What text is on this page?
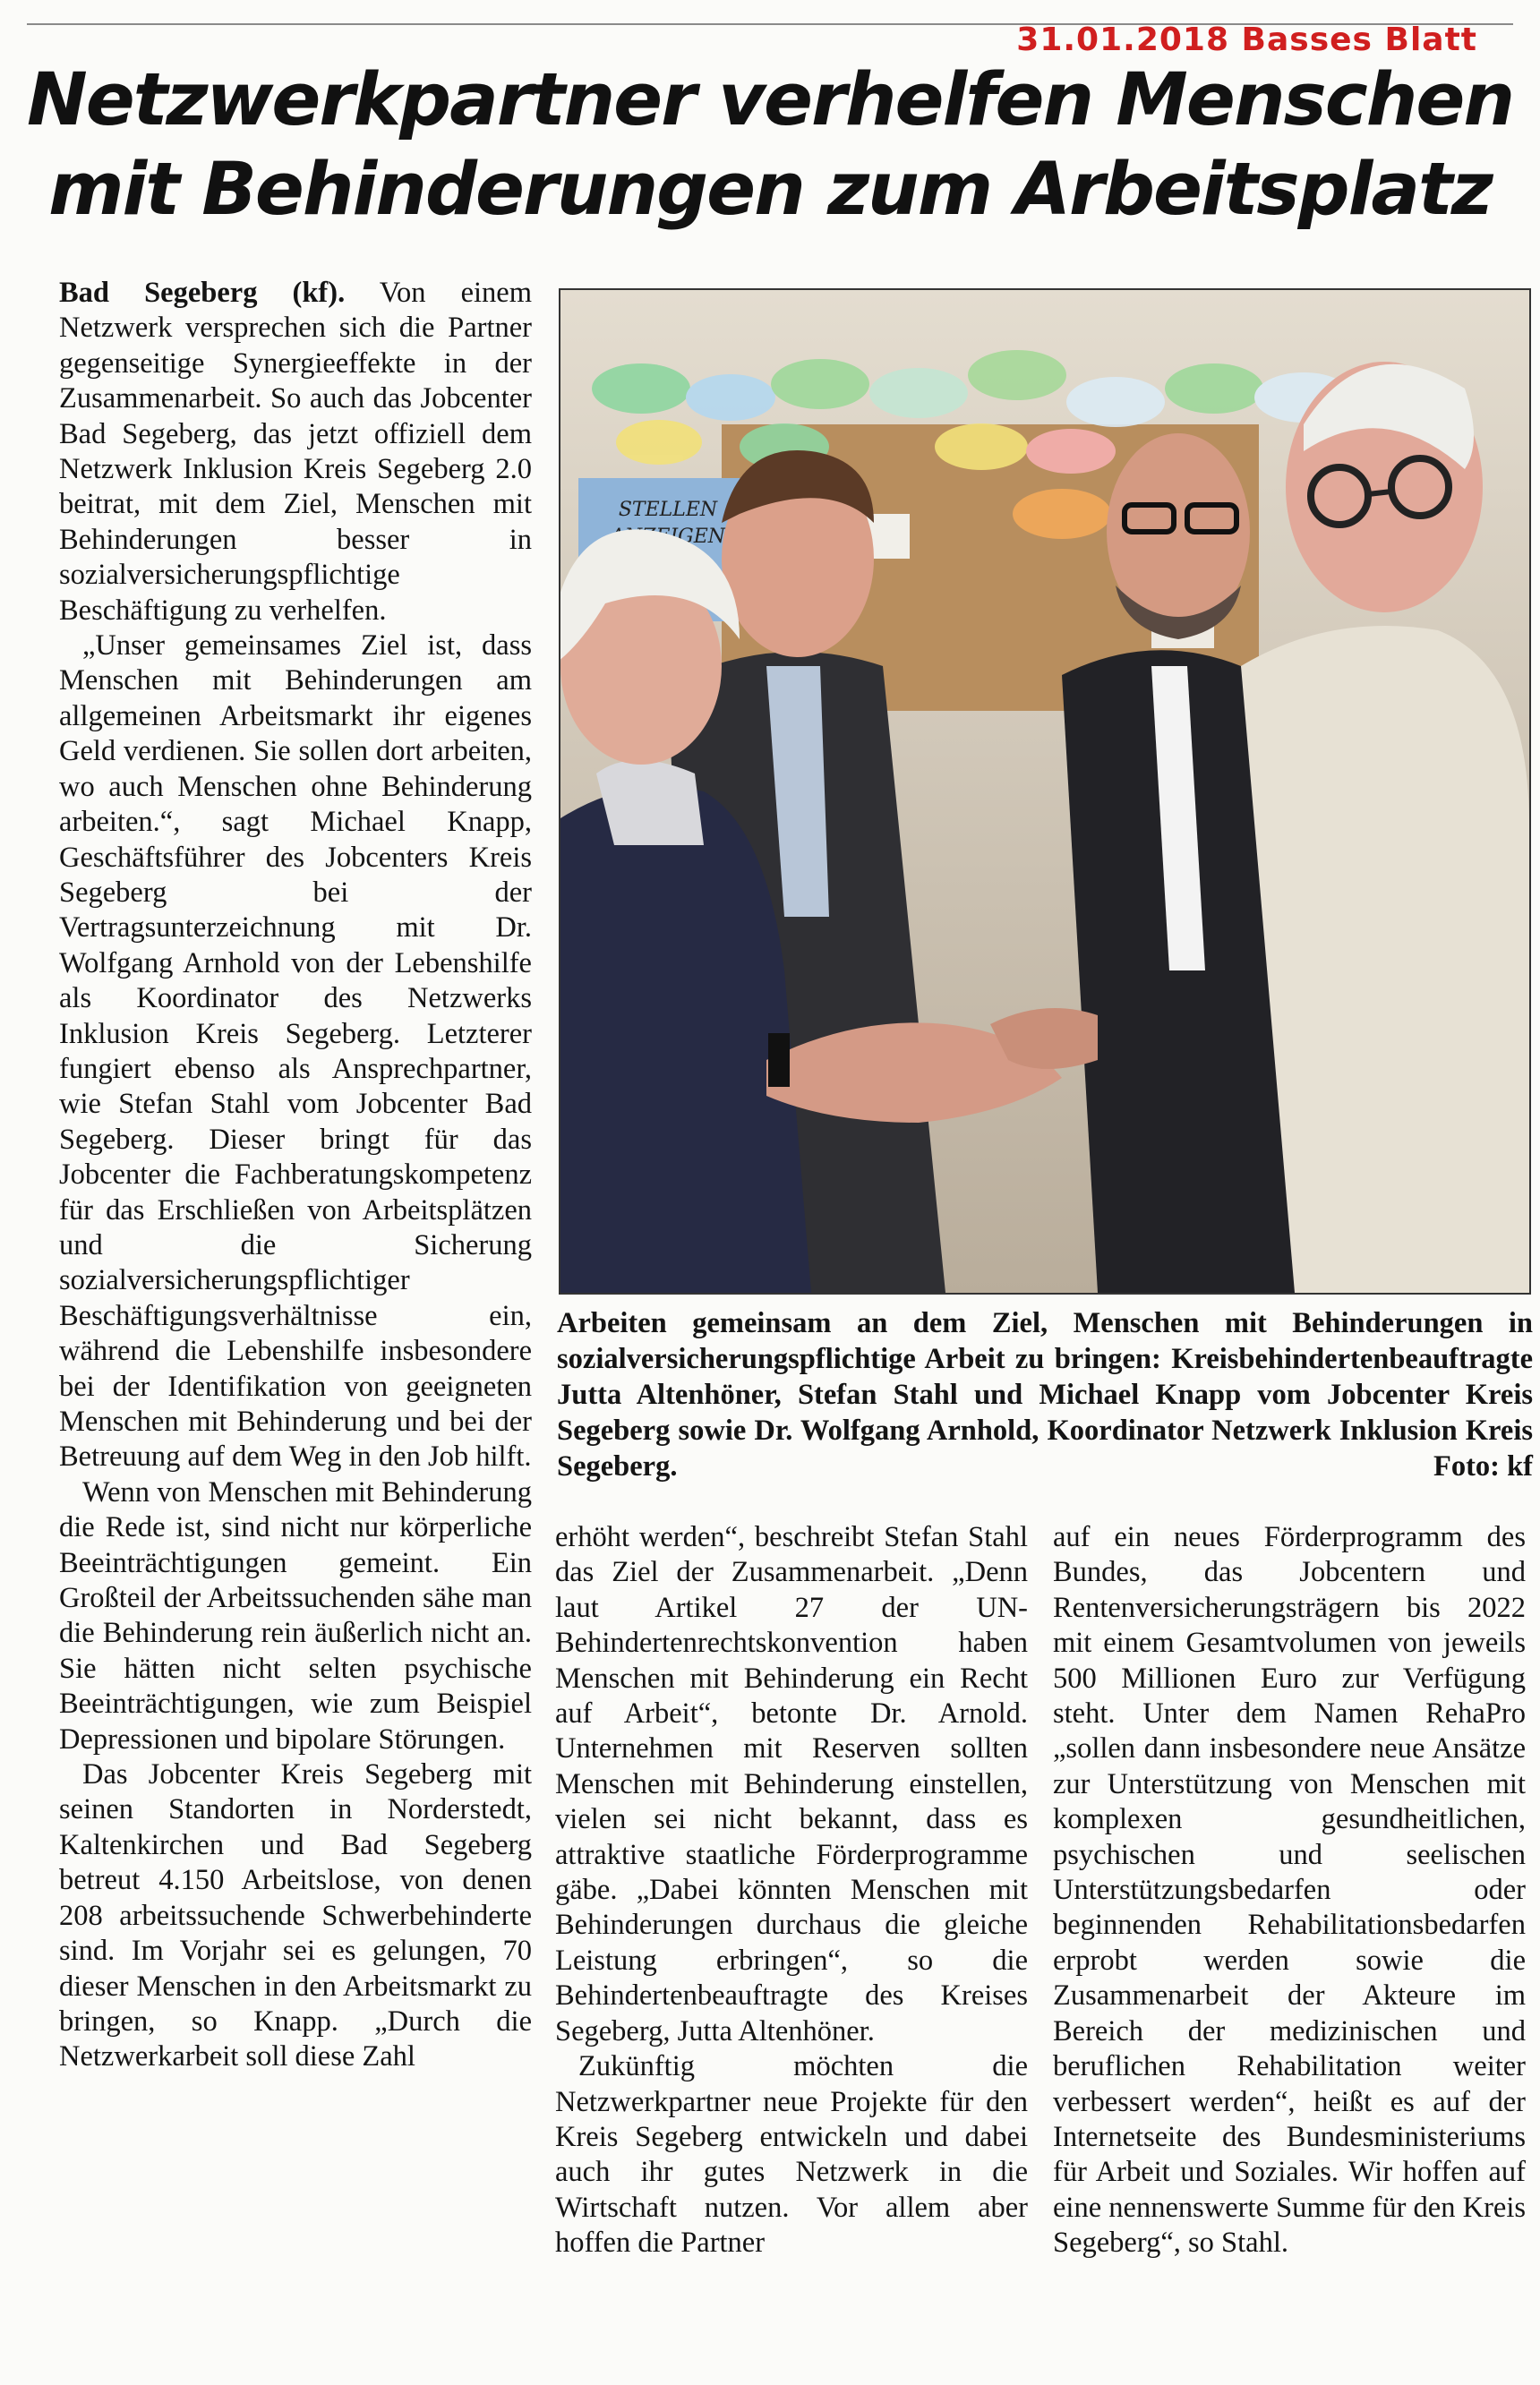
31.01.2018 Basses Blatt
Netzwerkpartner verhelfen Menschen
mit Behinderungen zum Arbeitsplatz

Bad Segeberg (kf). Von einem Netzwerk versprechen sich die Partner gegenseitige Synergieeffekte in der Zusammenarbeit. So auch das Jobcenter Bad Segeberg, das jetzt offiziell dem Netzwerk Inklusion Kreis Segeberg 2.0 beitrat, mit dem Ziel, Menschen mit Behinderungen besser in sozialversicherungspflichtige Beschäftigung zu verhelfen.

„Unser gemeinsames Ziel ist, dass Menschen mit Behinderungen am allgemeinen Arbeitsmarkt ihr eigenes Geld verdienen. Sie sollen dort arbeiten, wo auch Menschen ohne Behinderung arbeiten.“, sagt Michael Knapp, Geschäftsführer des Jobcenters Kreis Segeberg bei der Vertragsunterzeichnung mit Dr. Wolfgang Arnhold von der Lebenshilfe als Koordinator des Netzwerks Inklusion Kreis Segeberg. Letzterer fungiert ebenso als Ansprechpartner, wie Stefan Stahl vom Jobcenter Bad Segeberg. Dieser bringt für das Jobcenter die Fachberatungskompetenz für das Erschließen von Arbeitsplätzen und die Sicherung sozialversicherungspflichtiger Beschäftigungsverhältnisse ein, während die Lebenshilfe insbesondere bei der Identifikation von geeigneten Menschen mit Behinderung und bei der Betreuung auf dem Weg in den Job hilft.

Wenn von Menschen mit Behinderung die Rede ist, sind nicht nur körperliche Beeinträchtigungen gemeint. Ein Großteil der Arbeitssuchenden sähe man die Behinderung rein äußerlich nicht an. Sie hätten nicht selten psychische Beeinträchtigungen, wie zum Beispiel Depressionen und bipolare Störungen.

Das Jobcenter Kreis Segeberg mit seinen Standorten in Norderstedt, Kaltenkirchen und Bad Segeberg betreut 4.150 Arbeitslose, von denen 208 arbeitssuchende Schwerbehinderte sind. Im Vorjahr sei es gelungen, 70 dieser Menschen in den Arbeitsmarkt zu bringen, so Knapp. „Durch die Netzwerkarbeit soll diese Zahl

STELLEN
Arbeiten gemeinsam an dem Ziel, Menschen mit Behinderungen in sozialversicherungspflichtige Arbeit zu bringen: Kreisbehindertenbeauftragte Jutta Altenhöner, Stefan Stahl und Michael Knapp vom Jobcenter Kreis Segeberg sowie Dr. Wolfgang Arnhold, Koordinator Netzwerk Inklusion Kreis Segeberg.	Foto: kf

erhöht werden“, beschreibt Stefan Stahl das Ziel der Zusammenarbeit. „Denn laut Artikel 27 der UN-Behindertenrechtskonvention haben Menschen mit Behinderung ein Recht auf Arbeit“, betonte Dr. Arnold. Unternehmen mit Reserven sollten Menschen mit Behinderung einstellen, vielen sei nicht bekannt, dass es attraktive staatliche Förderprogramme gäbe. „Dabei könnten Menschen mit Behinderungen durchaus die gleiche Leistung erbringen“, so die Behindertenbeauftragte des Kreises Segeberg, Jutta Altenhöner.

Zukünftig möchten die Netzwerkpartner neue Projekte für den Kreis Segeberg entwickeln und dabei auch ihr gutes Netzwerk in die Wirtschaft nutzen. Vor allem aber hoffen die Partner

auf ein neues Förderprogramm des Bundes, das Jobcentern und Rentenversicherungsträgern bis 2022 mit einem Gesamtvolumen von jeweils 500 Millionen Euro zur Verfügung steht. Unter dem Namen RehaPro „sollen dann insbesondere neue Ansätze zur Unterstützung von Menschen mit komplexen gesundheitlichen, psychischen und seelischen Unterstützungsbedarfen oder beginnenden Rehabilitationsbedarfen erprobt werden sowie die Zusammenarbeit der Akteure im Bereich der medizinischen und beruflichen Rehabilitation weiter verbessert werden“, heißt es auf der Internetseite des Bundesministeriums für Arbeit und Soziales. Wir hoffen auf eine nennenswerte Summe für den Kreis Segeberg“, so Stahl.
